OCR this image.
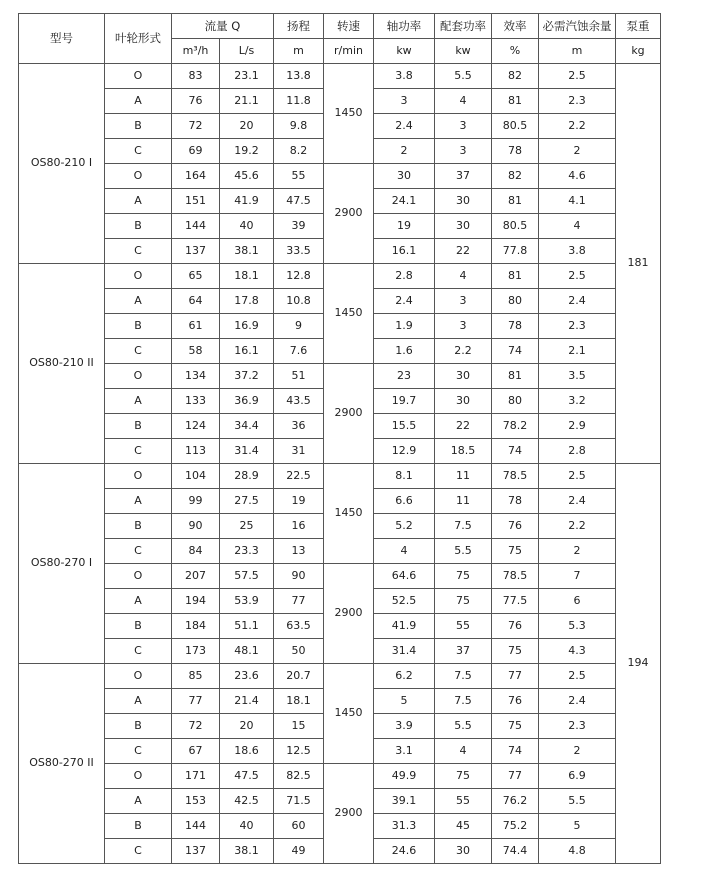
型号	叶轮形式	流量 Q		扬程	转速	轴功率	配套功率	效率	必需汽蚀余量	泵重
		m³/h	L/s	m	r/min	kw	kw	%	m	kg
OS80-210 I	O	83	23.1	13.8	1450	3.8	5.5	82	2.5	181
	A	76	21.1	11.8		3	4	81	2.3	
	B	72	20	9.8		2.4	3	80.5	2.2	
	C	69	19.2	8.2		2	3	78	2	
	O	164	45.6	55	2900	30	37	82	4.6	
	A	151	41.9	47.5		24.1	30	81	4.1	
	B	144	40	39		19	30	80.5	4	
	C	137	38.1	33.5		16.1	22	77.8	3.8	
OS80-210 II	O	65	18.1	12.8	1450	2.8	4	81	2.5	
	A	64	17.8	10.8		2.4	3	80	2.4	
	B	61	16.9	9		1.9	3	78	2.3	
	C	58	16.1	7.6		1.6	2.2	74	2.1	
	O	134	37.2	51	2900	23	30	81	3.5	
	A	133	36.9	43.5		19.7	30	80	3.2	
	B	124	34.4	36		15.5	22	78.2	2.9	
	C	113	31.4	31		12.9	18.5	74	2.8	
OS80-270 I	O	104	28.9	22.5	1450	8.1	11	78.5	2.5	194
	A	99	27.5	19		6.6	11	78	2.4	
	B	90	25	16		5.2	7.5	76	2.2	
	C	84	23.3	13		4	5.5	75	2	
	O	207	57.5	90	2900	64.6	75	78.5	7	
	A	194	53.9	77		52.5	75	77.5	6	
	B	184	51.1	63.5		41.9	55	76	5.3	
	C	173	48.1	50		31.4	37	75	4.3	
OS80-270 II	O	85	23.6	20.7	1450	6.2	7.5	77	2.5	
	A	77	21.4	18.1		5	7.5	76	2.4	
	B	72	20	15		3.9	5.5	75	2.3	
	C	67	18.6	12.5		3.1	4	74	2	
	O	171	47.5	82.5	2900	49.9	75	77	6.9	
	A	153	42.5	71.5		39.1	55	76.2	5.5	
	B	144	40	60		31.3	45	75.2	5	
	C	137	38.1	49		24.6	30	74.4	4.8	
